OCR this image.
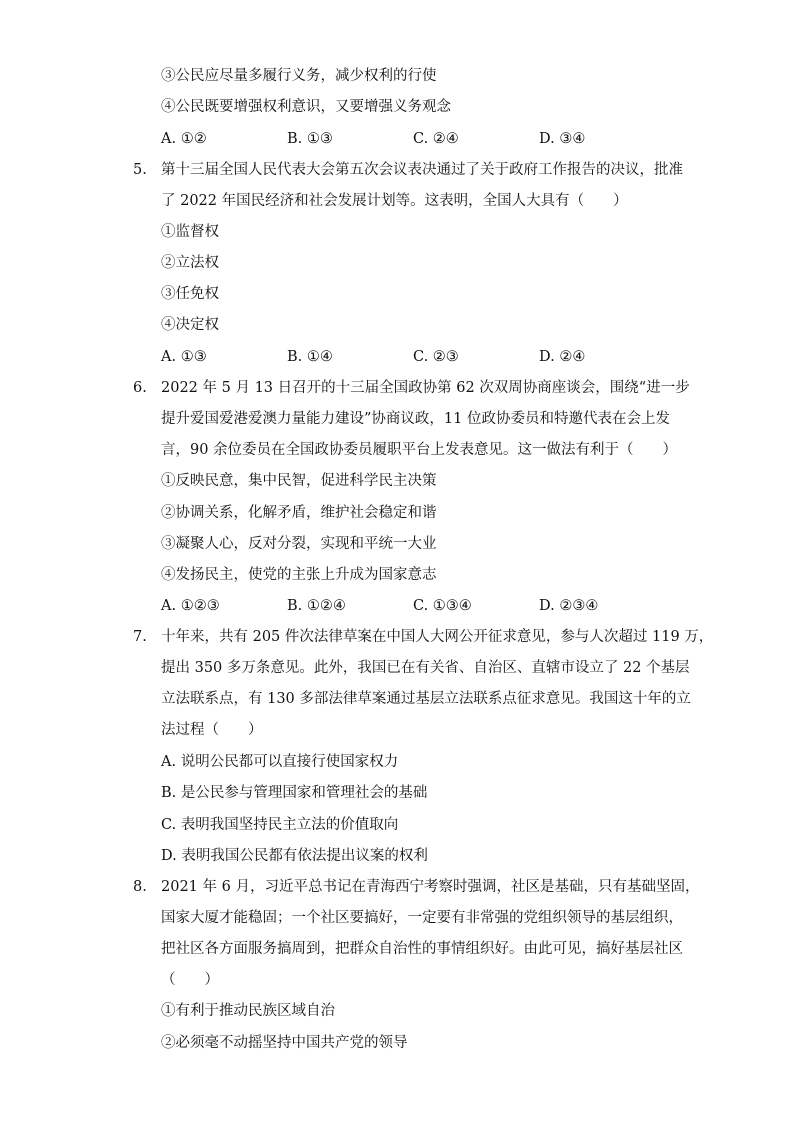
③公民应尽量多履行义务，减少权利的行使
④公民既要增强权利意识，又要增强义务观念
A. ①②	B. ①③	C. ②④	D. ③④
5. 第十三届全国人民代表大会第五次会议表决通过了关于政府工作报告的决议，批准
了 2022 年国民经济和社会发展计划等。这表明，全国人大具有（　　）
①监督权
②立法权
③任免权
④决定权
A. ①③	B. ①④	C. ②③	D. ②④
6. 2022 年 5 月 13 日召开的十三届全国政协第 62 次双周协商座谈会，围绕“进一步
提升爱国爱港爱澳力量能力建设”协商议政，11 位政协委员和特邀代表在会上发
言，90 余位委员在全国政协委员履职平台上发表意见。这一做法有利于（　　）
①反映民意，集中民智，促进科学民主决策
②协调关系，化解矛盾，维护社会稳定和谐
③凝聚人心，反对分裂，实现和平统一大业
④发扬民主，使党的主张上升成为国家意志
A. ①②③	B. ①②④	C. ①③④	D. ②③④
7. 十年来，共有 205 件次法律草案在中国人大网公开征求意见，参与人次超过 119 万，
提出 350 多万条意见。此外，我国已在有关省、自治区、直辖市设立了 22 个基层
立法联系点，有 130 多部法律草案通过基层立法联系点征求意见。我国这十年的立
法过程（　　）
A. 说明公民都可以直接行使国家权力
B. 是公民参与管理国家和管理社会的基础
C. 表明我国坚持民主立法的价值取向
D. 表明我国公民都有依法提出议案的权利
8. 2021 年 6 月，习近平总书记在青海西宁考察时强调，社区是基础，只有基础坚固，
国家大厦才能稳固；一个社区要搞好，一定要有非常强的党组织领导的基层组织，
把社区各方面服务搞周到，把群众自治性的事情组织好。由此可见，搞好基层社区
（　　）
①有利于推动民族区域自治
②必须毫不动摇坚持中国共产党的领导
